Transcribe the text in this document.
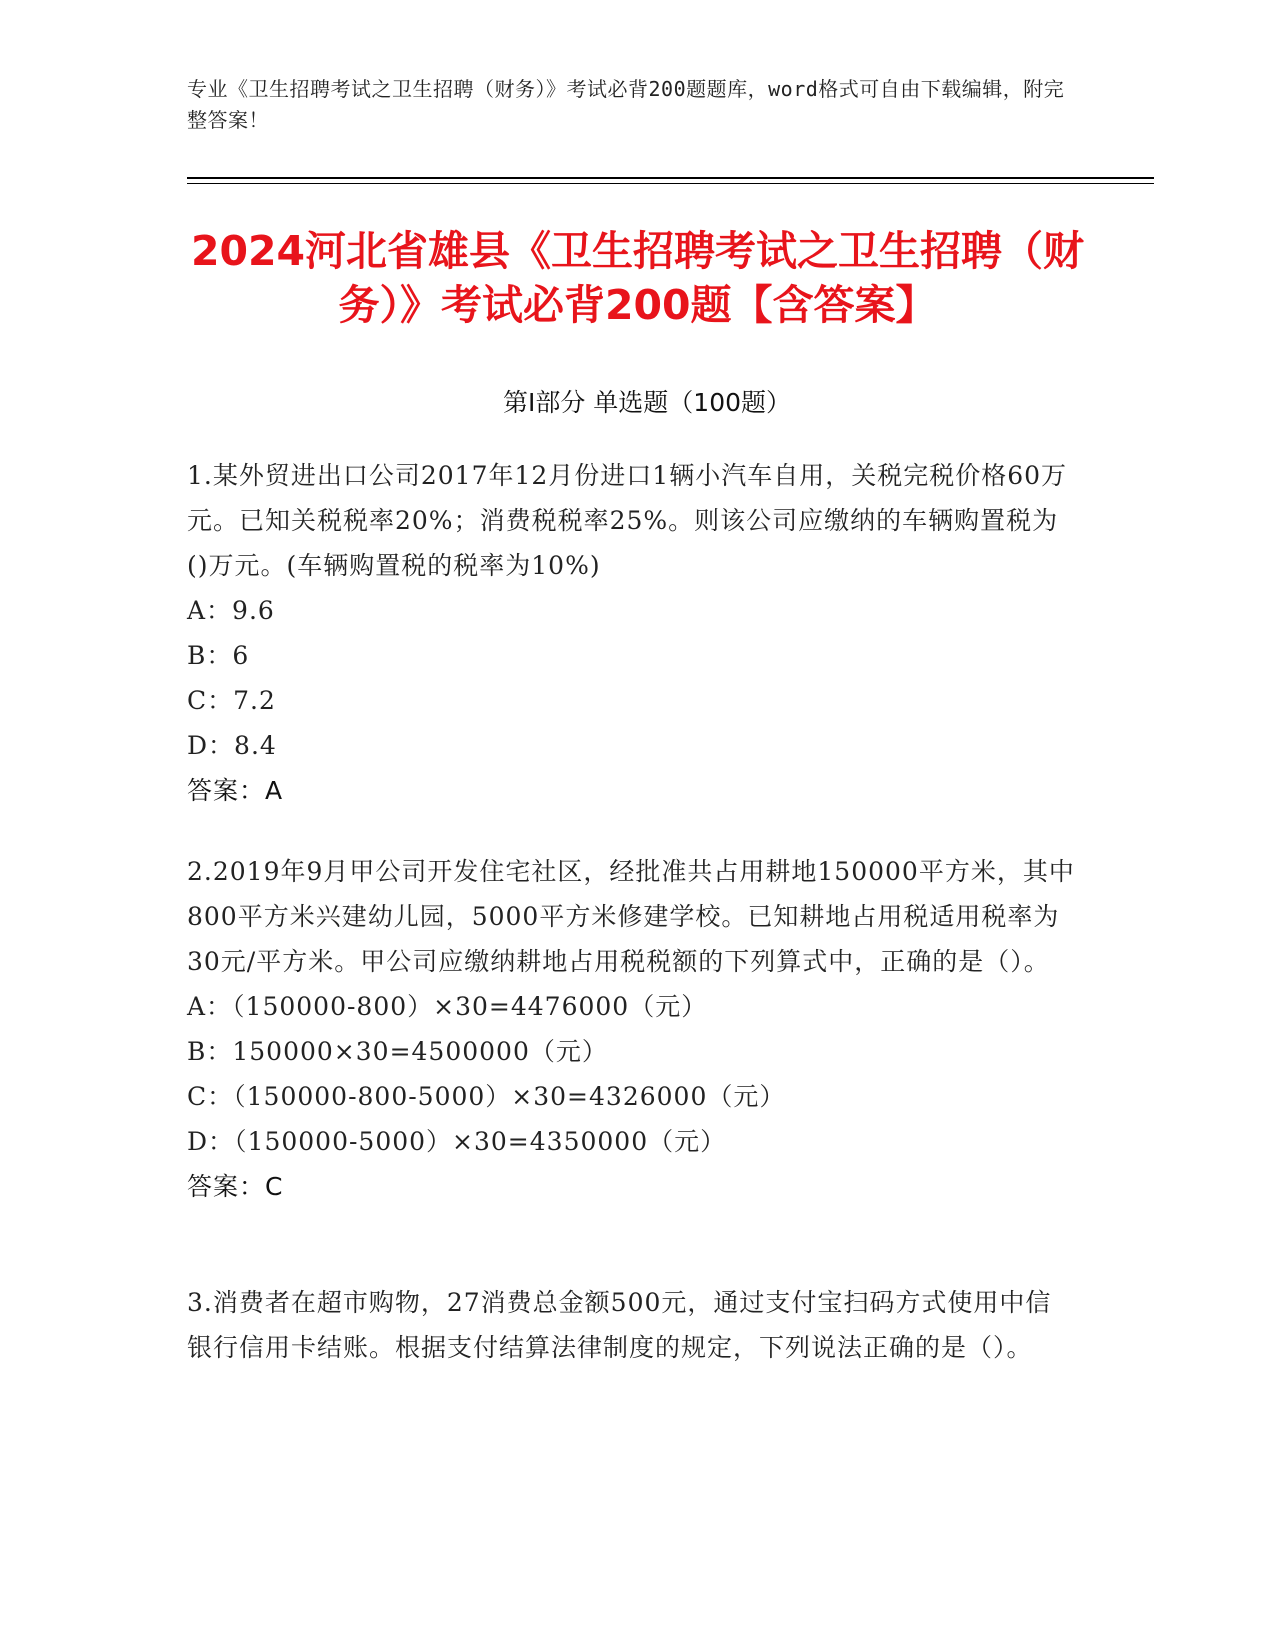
专业《卫生招聘考试之卫生招聘（财务）》考试必背200题题库，word格式可自由下载编辑，附完整答案！
2024河北省雄县《卫生招聘考试之卫生招聘（财务）》考试必背200题【含答案】
第Ⅰ部分 单选题（100题）

1.某外贸进出口公司2017年12月份进口1辆小汽车自用，关税完税价格60万元。已知关税税率20%；消费税税率25%。则该公司应缴纳的车辆购置税为()万元。(车辆购置税的税率为10%)

A：9.6

B：6

C：7.2

D：8.4

答案：A

2.2019年9月甲公司开发住宅社区，经批准共占用耕地150000平方米，其中800平方米兴建幼儿园，5000平方米修建学校。已知耕地占用税适用税率为30元/平方米。甲公司应缴纳耕地占用税税额的下列算式中，正确的是（）。

A：（150000-800）×30=4476000（元）

B：150000×30=4500000（元）

C：（150000-800-5000）×30=4326000（元）

D：（150000-5000）×30=4350000（元）

答案：C

3.消费者在超市购物，27消费总金额500元，通过支付宝扫码方式使用中信银行信用卡结账。根据支付结算法律制度的规定，下列说法正确的是（）。
